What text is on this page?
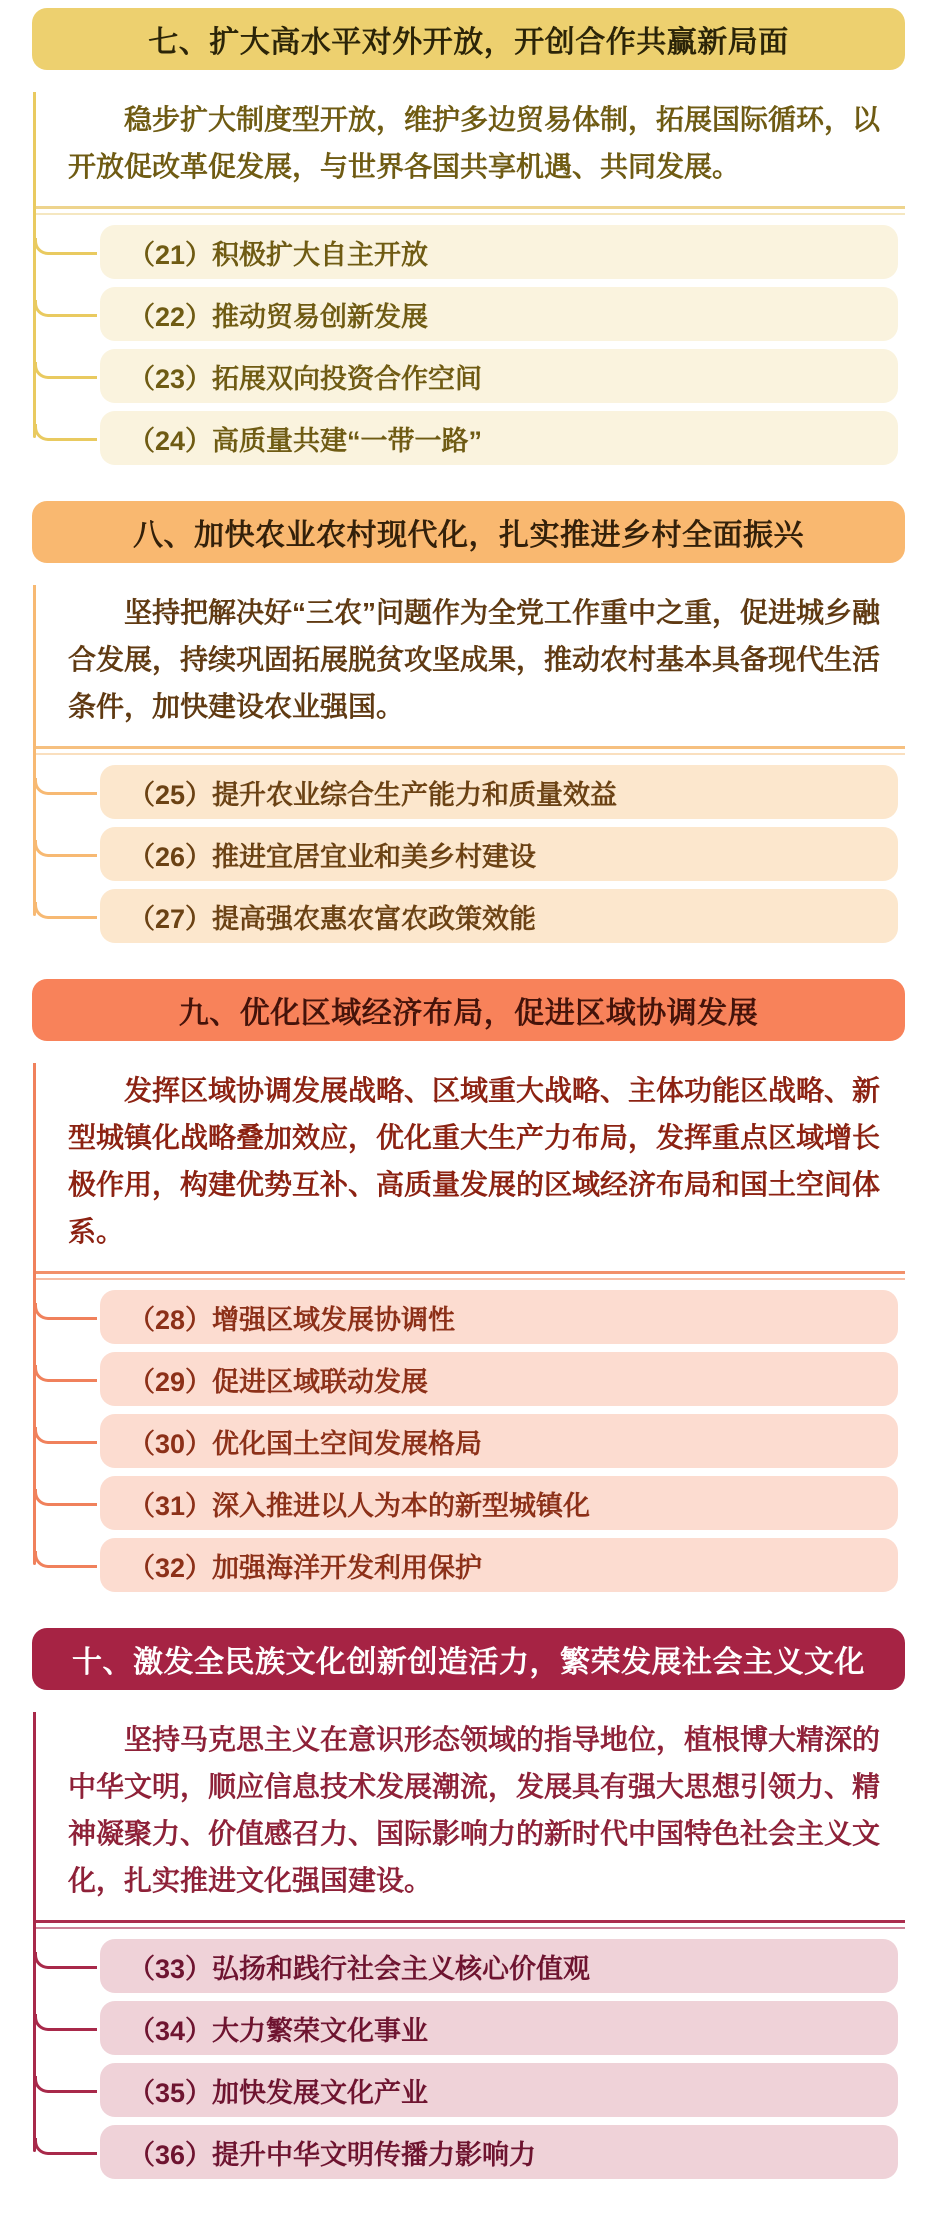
七、扩大高水平对外开放，开创合作共赢新局面
稳步扩大制度型开放，维护多边贸易体制，拓展国际循环，以开放促改革促发展，与世界各国共享机遇、共同发展。
（21）积极扩大自主开放
（22）推动贸易创新发展
（23）拓展双向投资合作空间
（24）高质量共建“一带一路”
八、加快农业农村现代化，扎实推进乡村全面振兴
坚持把解决好“三农”问题作为全党工作重中之重，促进城乡融合发展，持续巩固拓展脱贫攻坚成果，推动农村基本具备现代生活条件，加快建设农业强国。
（25）提升农业综合生产能力和质量效益
（26）推进宜居宜业和美乡村建设
（27）提高强农惠农富农政策效能
九、优化区域经济布局，促进区域协调发展
发挥区域协调发展战略、区域重大战略、主体功能区战略、新型城镇化战略叠加效应，优化重大生产力布局，发挥重点区域增长极作用，构建优势互补、高质量发展的区域经济布局和国土空间体系。
（28）增强区域发展协调性
（29）促进区域联动发展
（30）优化国土空间发展格局
（31）深入推进以人为本的新型城镇化
（32）加强海洋开发利用保护
十、激发全民族文化创新创造活力，繁荣发展社会主义文化
坚持马克思主义在意识形态领域的指导地位，植根博大精深的中华文明，顺应信息技术发展潮流，发展具有强大思想引领力、精神凝聚力、价值感召力、国际影响力的新时代中国特色社会主义文化，扎实推进文化强国建设。
（33）弘扬和践行社会主义核心价值观
（34）大力繁荣文化事业
（35）加快发展文化产业
（36）提升中华文明传播力影响力
